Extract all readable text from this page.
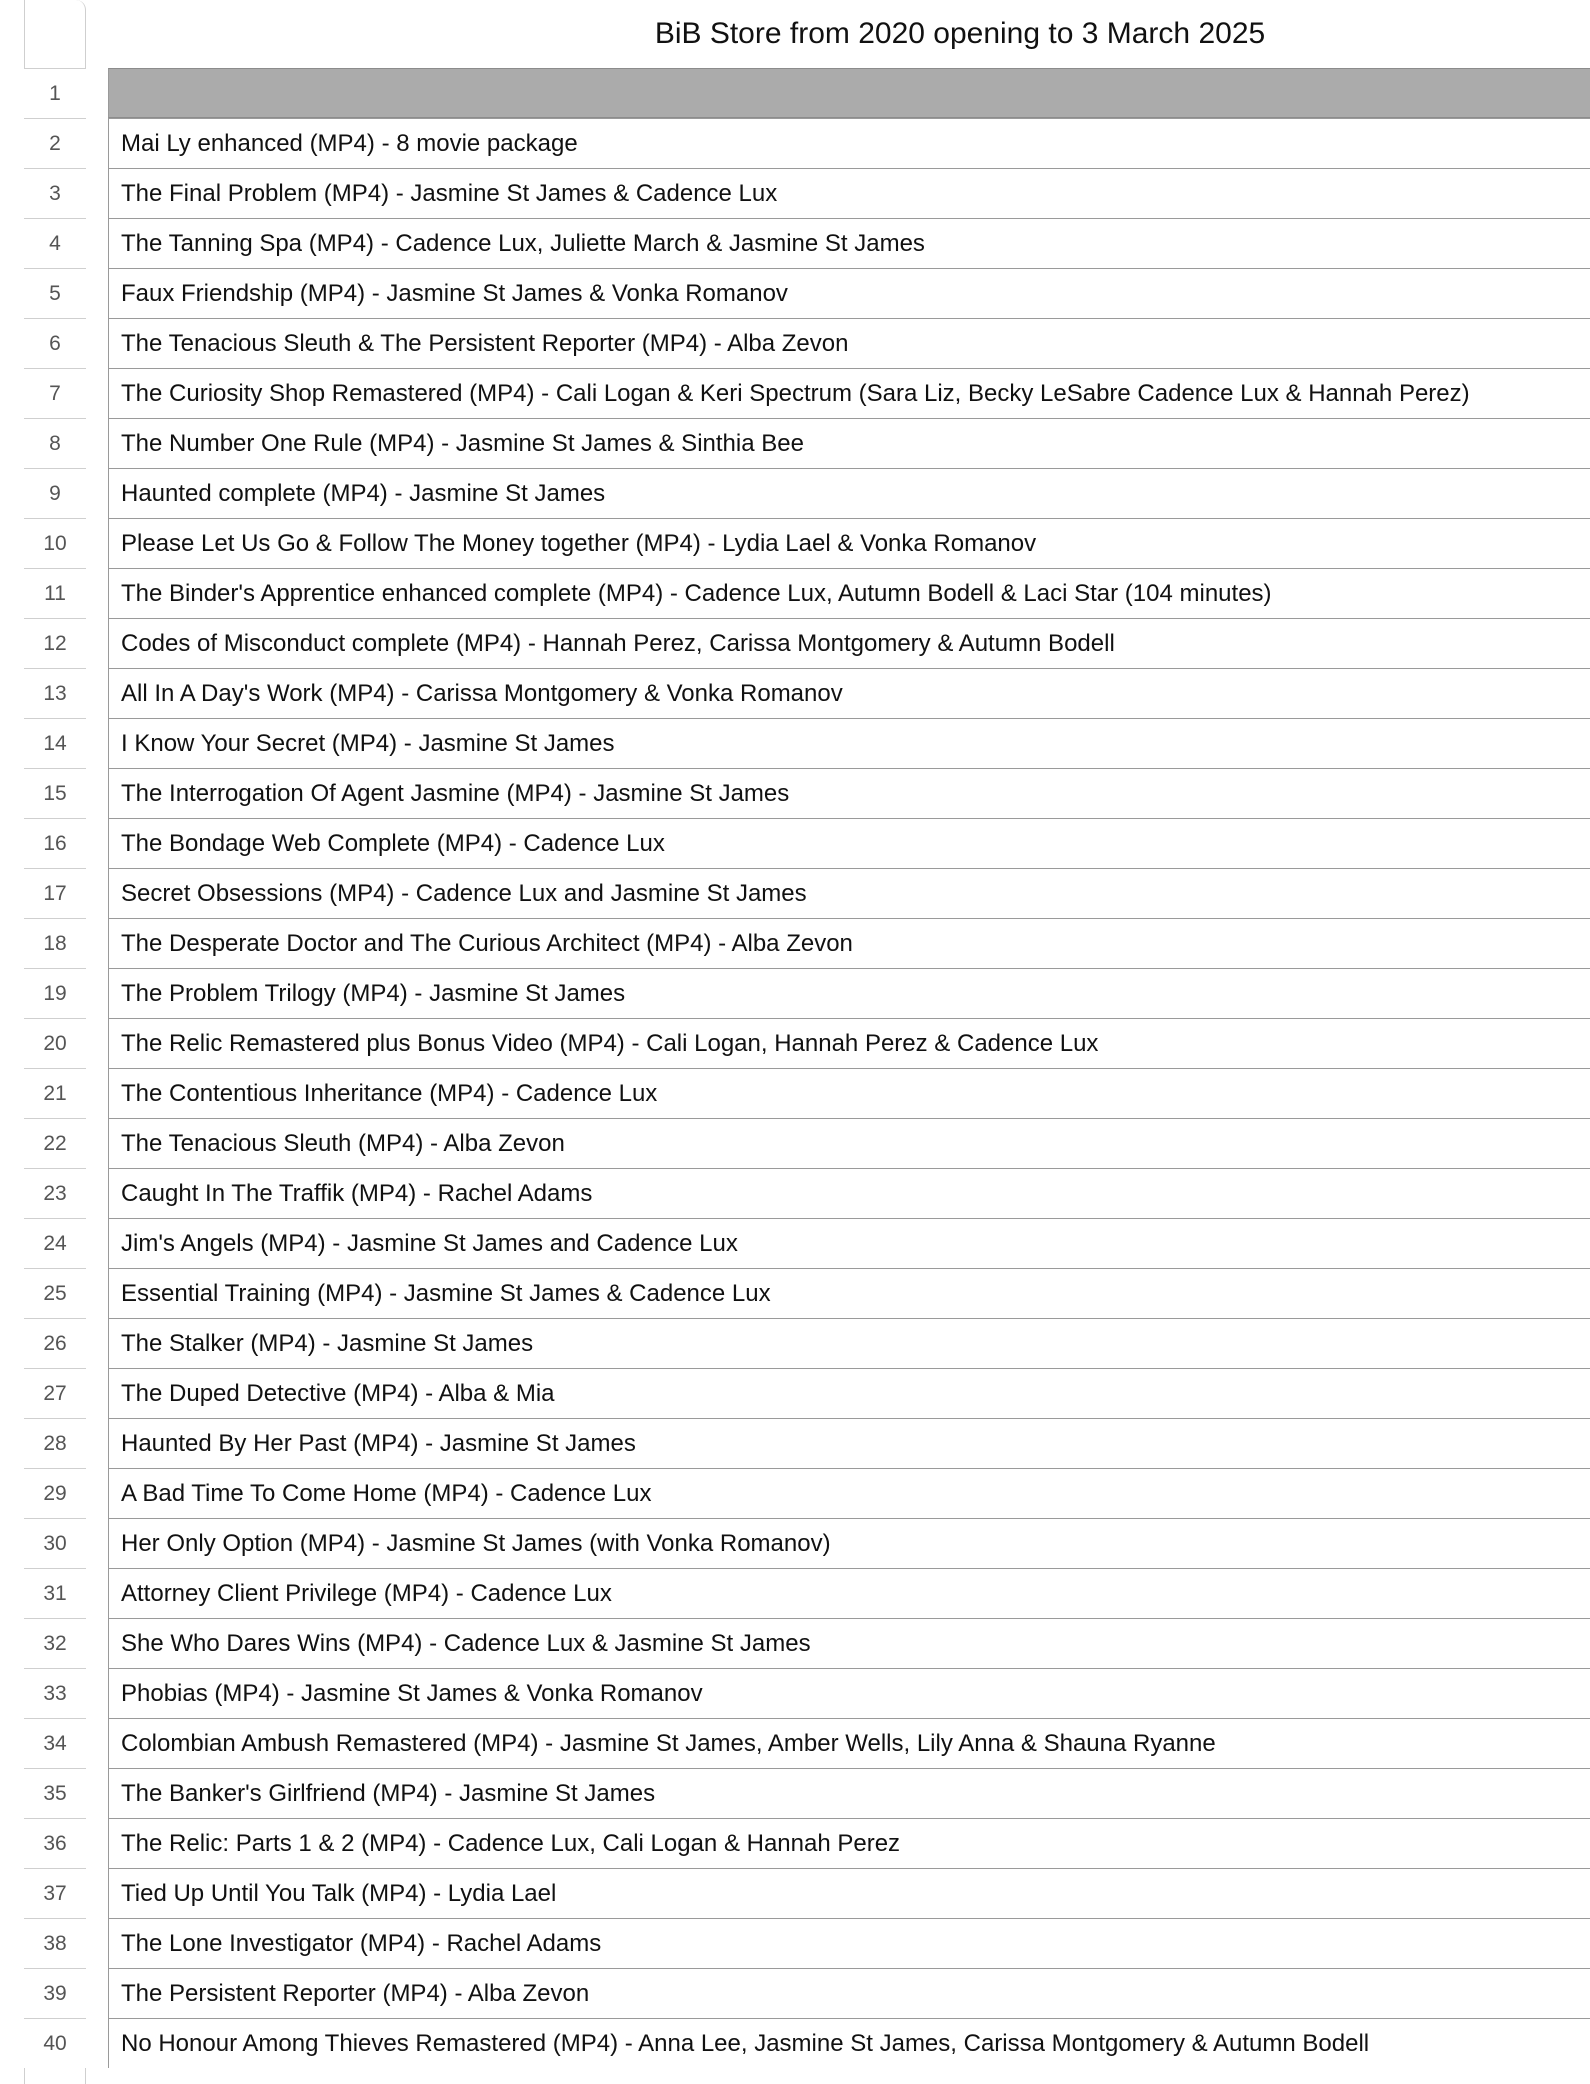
BiB Store from 2020 opening to 3 March 2025
1
2	Mai Ly enhanced (MP4) - 8 movie package
3	The Final Problem (MP4) - Jasmine St James & Cadence Lux
4	The Tanning Spa (MP4) - Cadence Lux, Juliette March & Jasmine St James
5	Faux Friendship (MP4) - Jasmine St James & Vonka Romanov
6	The Tenacious Sleuth & The Persistent Reporter (MP4) - Alba Zevon
7	The Curiosity Shop Remastered (MP4) - Cali Logan & Keri Spectrum (Sara Liz, Becky LeSabre Cadence Lux & Hannah Perez)
8	The Number One Rule (MP4) - Jasmine St James & Sinthia Bee
9	Haunted complete (MP4) - Jasmine St James
10	Please Let Us Go & Follow The Money together (MP4) - Lydia Lael & Vonka Romanov
11	The Binder's Apprentice enhanced complete (MP4) - Cadence Lux, Autumn Bodell & Laci Star (104 minutes)
12	Codes of Misconduct complete (MP4) - Hannah Perez, Carissa Montgomery & Autumn Bodell
13	All In A Day's Work (MP4) - Carissa Montgomery & Vonka Romanov
14	I Know Your Secret (MP4) - Jasmine St James
15	The Interrogation Of Agent Jasmine (MP4) - Jasmine St James
16	The Bondage Web Complete (MP4) - Cadence Lux
17	Secret Obsessions (MP4) - Cadence Lux and Jasmine St James
18	The Desperate Doctor and The Curious Architect (MP4) - Alba Zevon
19	The Problem Trilogy (MP4) - Jasmine St James
20	The Relic Remastered plus Bonus Video (MP4) - Cali Logan, Hannah Perez & Cadence Lux
21	The Contentious Inheritance (MP4) - Cadence Lux
22	The Tenacious Sleuth (MP4) - Alba Zevon
23	Caught In The Traffik (MP4) - Rachel Adams
24	Jim's Angels (MP4) - Jasmine St James and Cadence Lux
25	Essential Training (MP4) - Jasmine St James & Cadence Lux
26	The Stalker (MP4) - Jasmine St James
27	The Duped Detective (MP4) - Alba & Mia
28	Haunted By Her Past (MP4) - Jasmine St James
29	A Bad Time To Come Home (MP4) - Cadence Lux
30	Her Only Option (MP4) - Jasmine St James (with Vonka Romanov)
31	Attorney Client Privilege (MP4) - Cadence Lux
32	She Who Dares Wins (MP4) - Cadence Lux & Jasmine St James
33	Phobias (MP4) - Jasmine St James & Vonka Romanov
34	Colombian Ambush Remastered (MP4) - Jasmine St James, Amber Wells, Lily Anna & Shauna Ryanne
35	The Banker's Girlfriend (MP4) - Jasmine St James
36	The Relic: Parts 1 & 2 (MP4) - Cadence Lux, Cali Logan & Hannah Perez
37	Tied Up Until You Talk (MP4) - Lydia Lael
38	The Lone Investigator (MP4) - Rachel Adams
39	The Persistent Reporter (MP4) - Alba Zevon
40	No Honour Among Thieves Remastered (MP4) - Anna Lee, Jasmine St James, Carissa Montgomery & Autumn Bodell
